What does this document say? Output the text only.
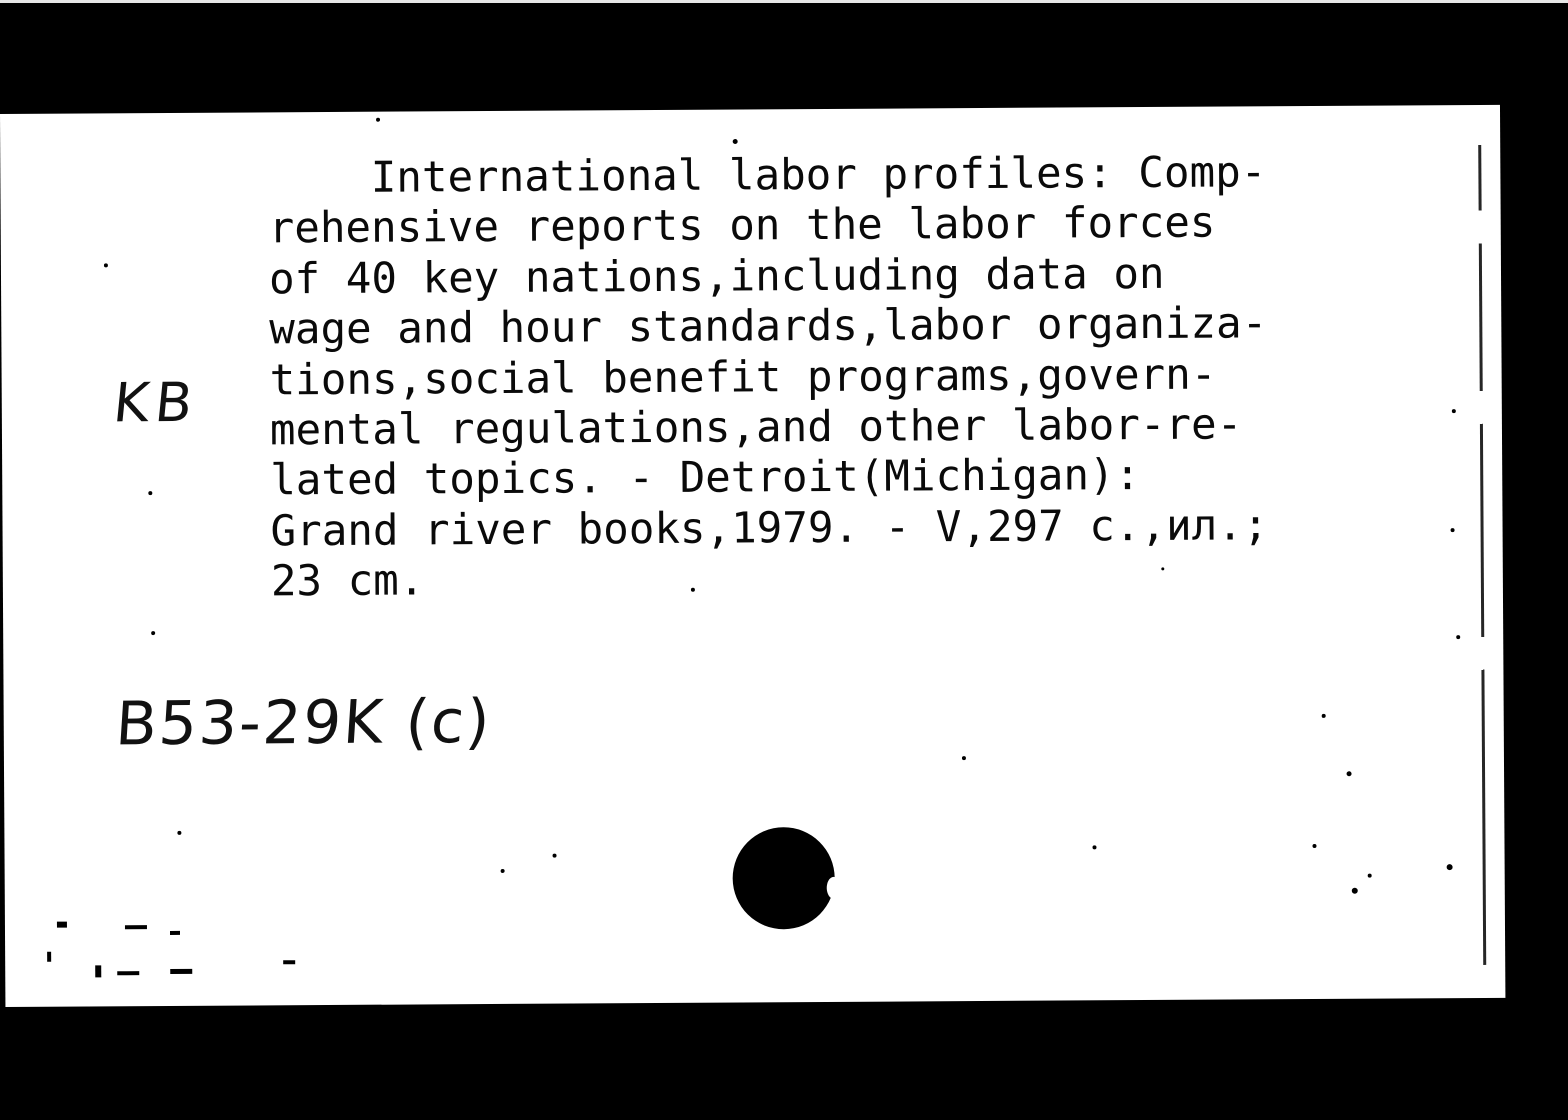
International labor profiles: Comp-
rehensive reports on the labor forces
of 40 key nations,including data on
wage and hour standards,labor organiza-
tions,social benefit programs,govern-
mental regulations,and other labor-re-
lated topics. - Detroit(Michigan):
Grand river books,1979. - V,297 c.,ил.;
23 cm.
KB
B53-29K (c)
